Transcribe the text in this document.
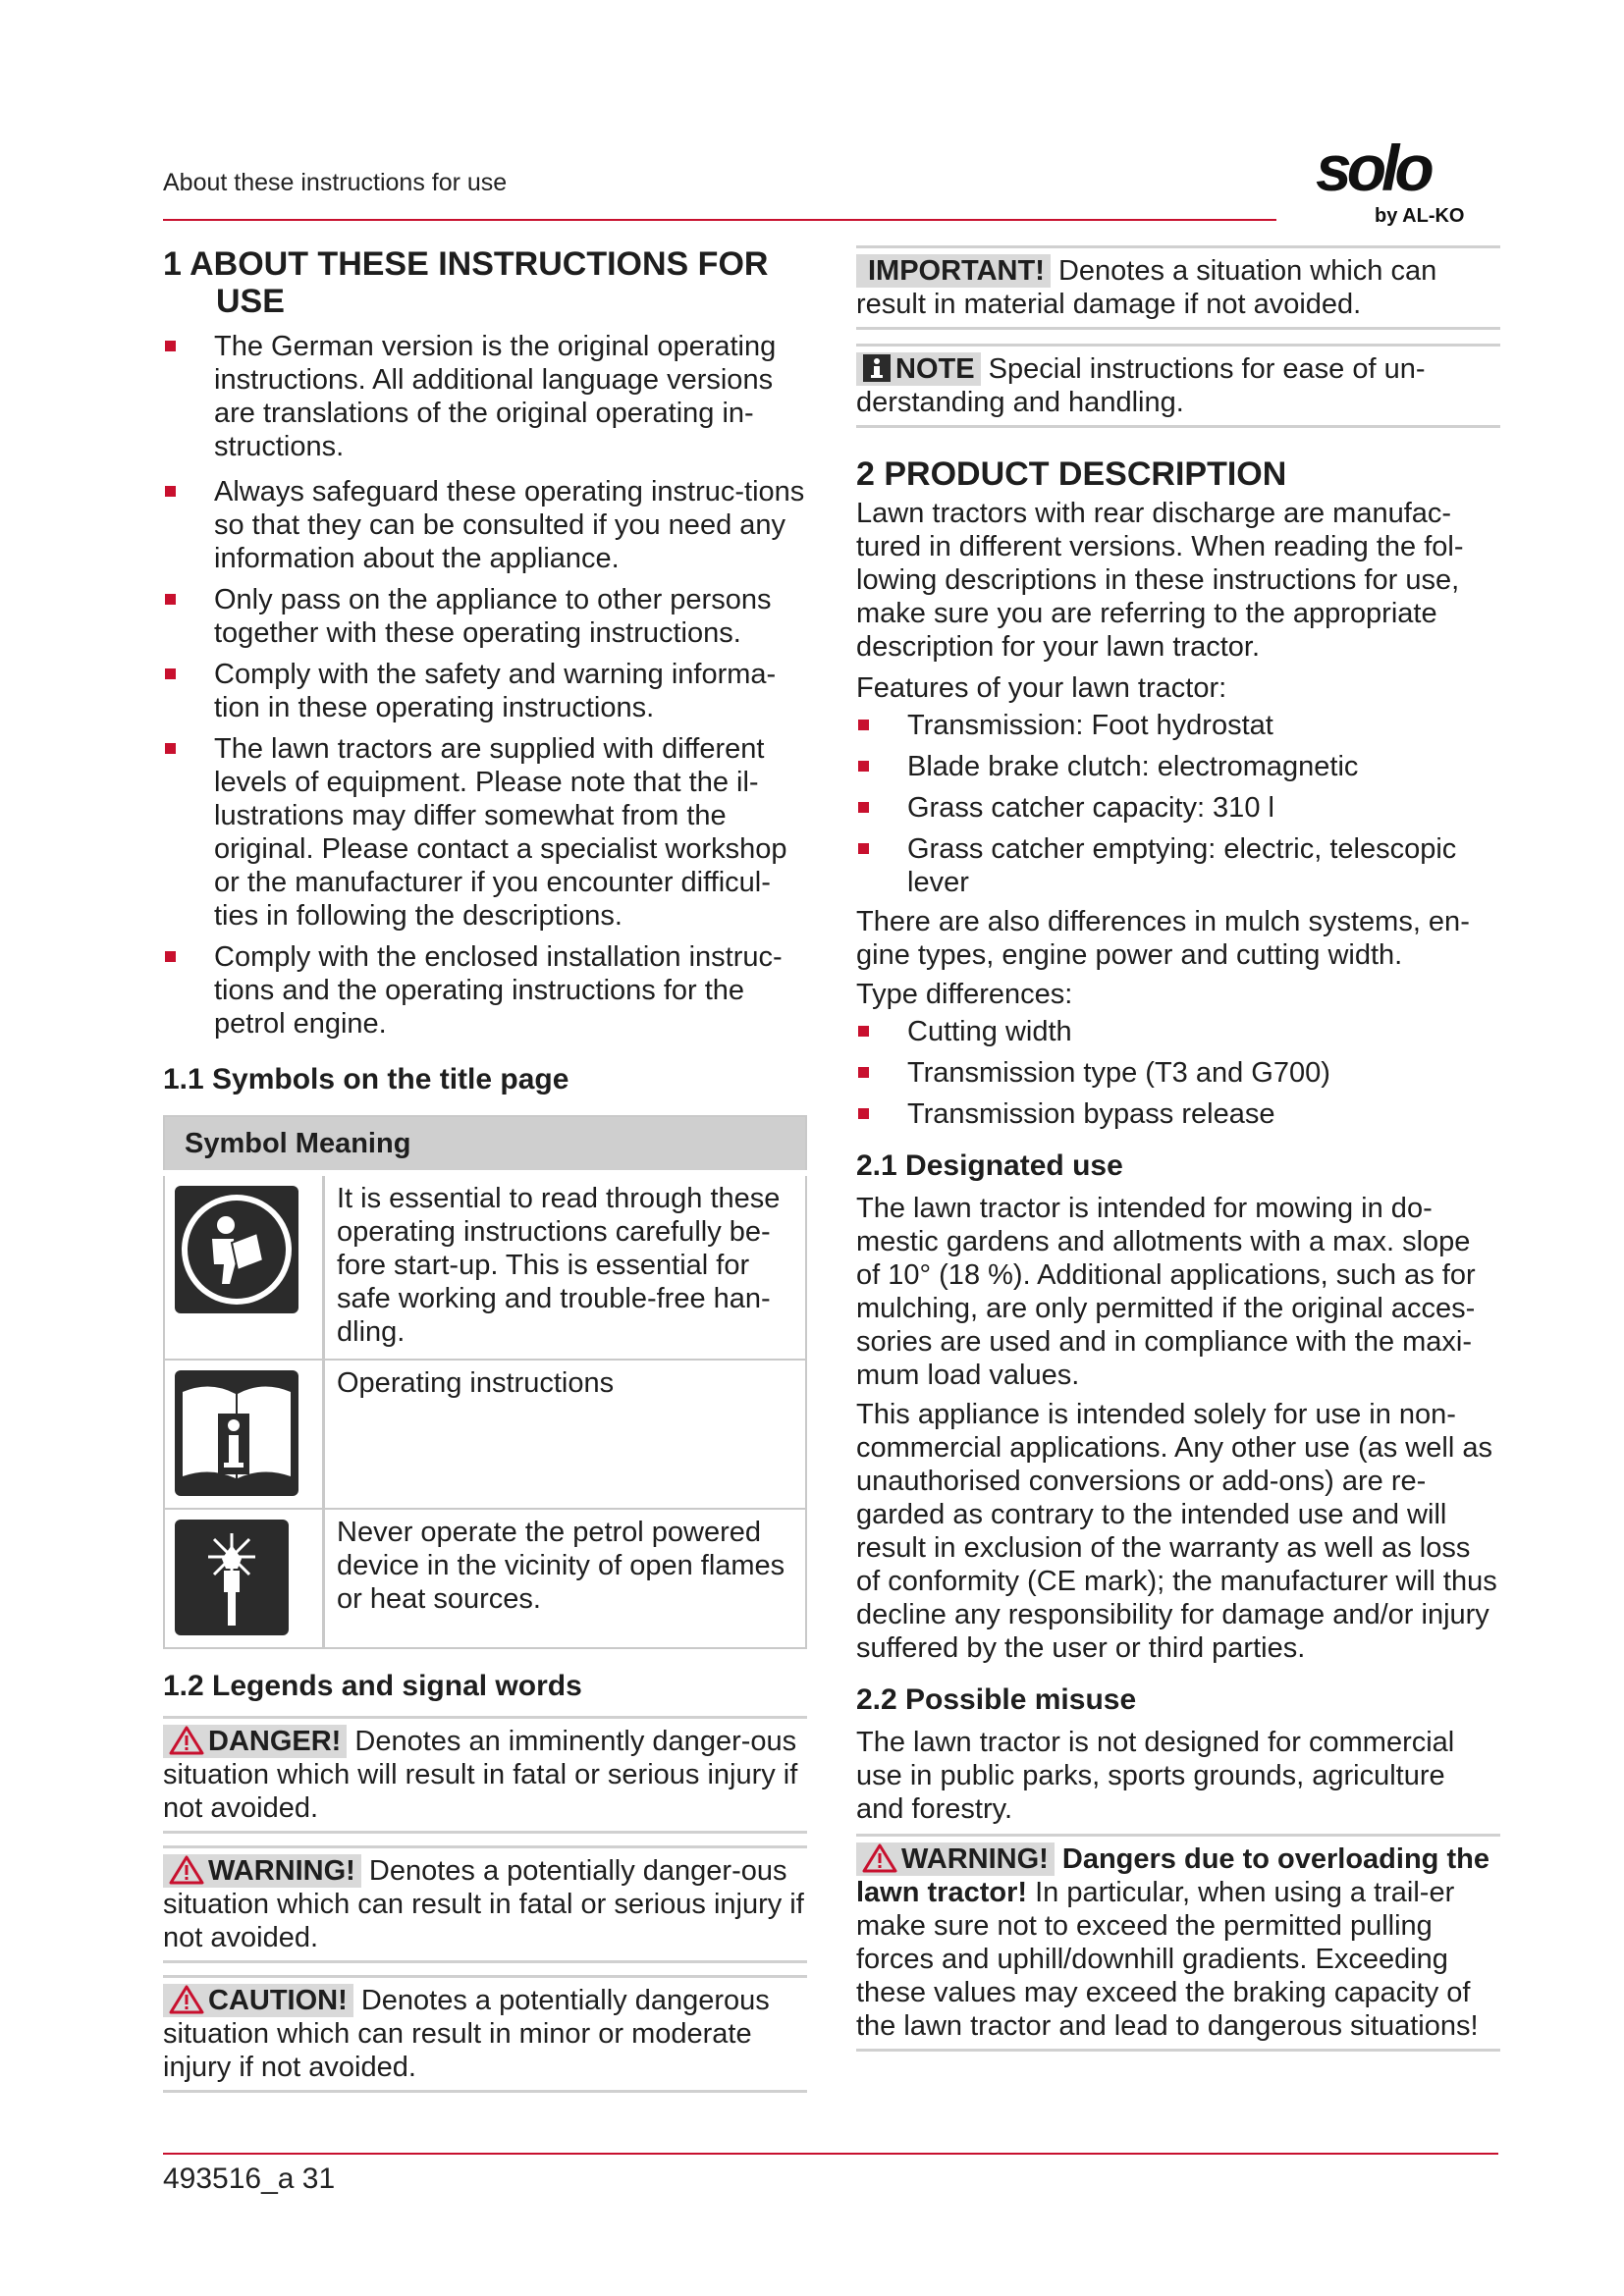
About these instructions for use	solo
by AL-KO
1 ABOUT THESE INSTRUCTIONS FOR USE
The German version is the original operating instructions. All additional language versions are translations of the original operating in-structions.
Always safeguard these operating instruc-tions so that they can be consulted if you need any information about the appliance.
Only pass on the appliance to other persons together with these operating instructions.
Comply with the safety and warning informa-tion in these operating instructions.
The lawn tractors are supplied with different levels of equipment. Please note that the il-lustrations may differ somewhat from the original. Please contact a specialist workshop or the manufacturer if you encounter difficul-ties in following the descriptions.
Comply with the enclosed installation instruc-tions and the operating instructions for the petrol engine.
1.1 Symbols on the title page
Symbol Meaning	
	It is essential to read through these operating instructions carefully be-fore start-up. This is essential for safe working and trouble-free han-dling.
	Operating instructions
	Never operate the petrol powered device in the vicinity of open flames or heat sources.
1.2 Legends and signal words

DANGER! Denotes an imminently danger-ous situation which will result in fatal or serious injury if not avoided.

WARNING! Denotes a potentially danger-ous situation which can result in fatal or serious injury if not avoided.

CAUTION! Denotes a potentially dangerous situation which can result in minor or moderate injury if not avoided.

IMPORTANT! Denotes a situation which can result in material damage if not avoided.

NOTE Special instructions for ease of un-derstanding and handling.

2 PRODUCT DESCRIPTION

Lawn tractors with rear discharge are manufac-tured in different versions. When reading the fol-lowing descriptions in these instructions for use, make sure you are referring to the appropriate description for your lawn tractor.

Features of your lawn tractor:

Transmission: Foot hydrostat
Blade brake clutch: electromagnetic
Grass catcher capacity: 310 l
Grass catcher emptying: electric, telescopic lever

There are also differences in mulch systems, en-gine types, engine power and cutting width.

Type differences:

Cutting width
Transmission type (T3 and G700)
Transmission bypass release
2.1 Designated use

The lawn tractor is intended for mowing in do-mestic gardens and allotments with a max. slope of 10° (18 %). Additional applications, such as for mulching, are only permitted if the original acces-sories are used and in compliance with the maxi-mum load values.

This appliance is intended solely for use in non-commercial applications. Any other use (as well as unauthorised conversions or add-ons) are re-garded as contrary to the intended use and will result in exclusion of the warranty as well as loss of conformity (CE mark); the manufacturer will thus decline any responsibility for damage and/or injury suffered by the user or third parties.

2.2 Possible misuse

The lawn tractor is not designed for commercial use in public parks, sports grounds, agriculture and forestry.

WARNING! Dangers due to overloading the lawn tractor! In particular, when using a trail-er make sure not to exceed the permitted pulling forces and uphill/downhill gradients. Exceeding these values may exceed the braking capacity of the lawn tractor and lead to dangerous situations!

493516_a 31
